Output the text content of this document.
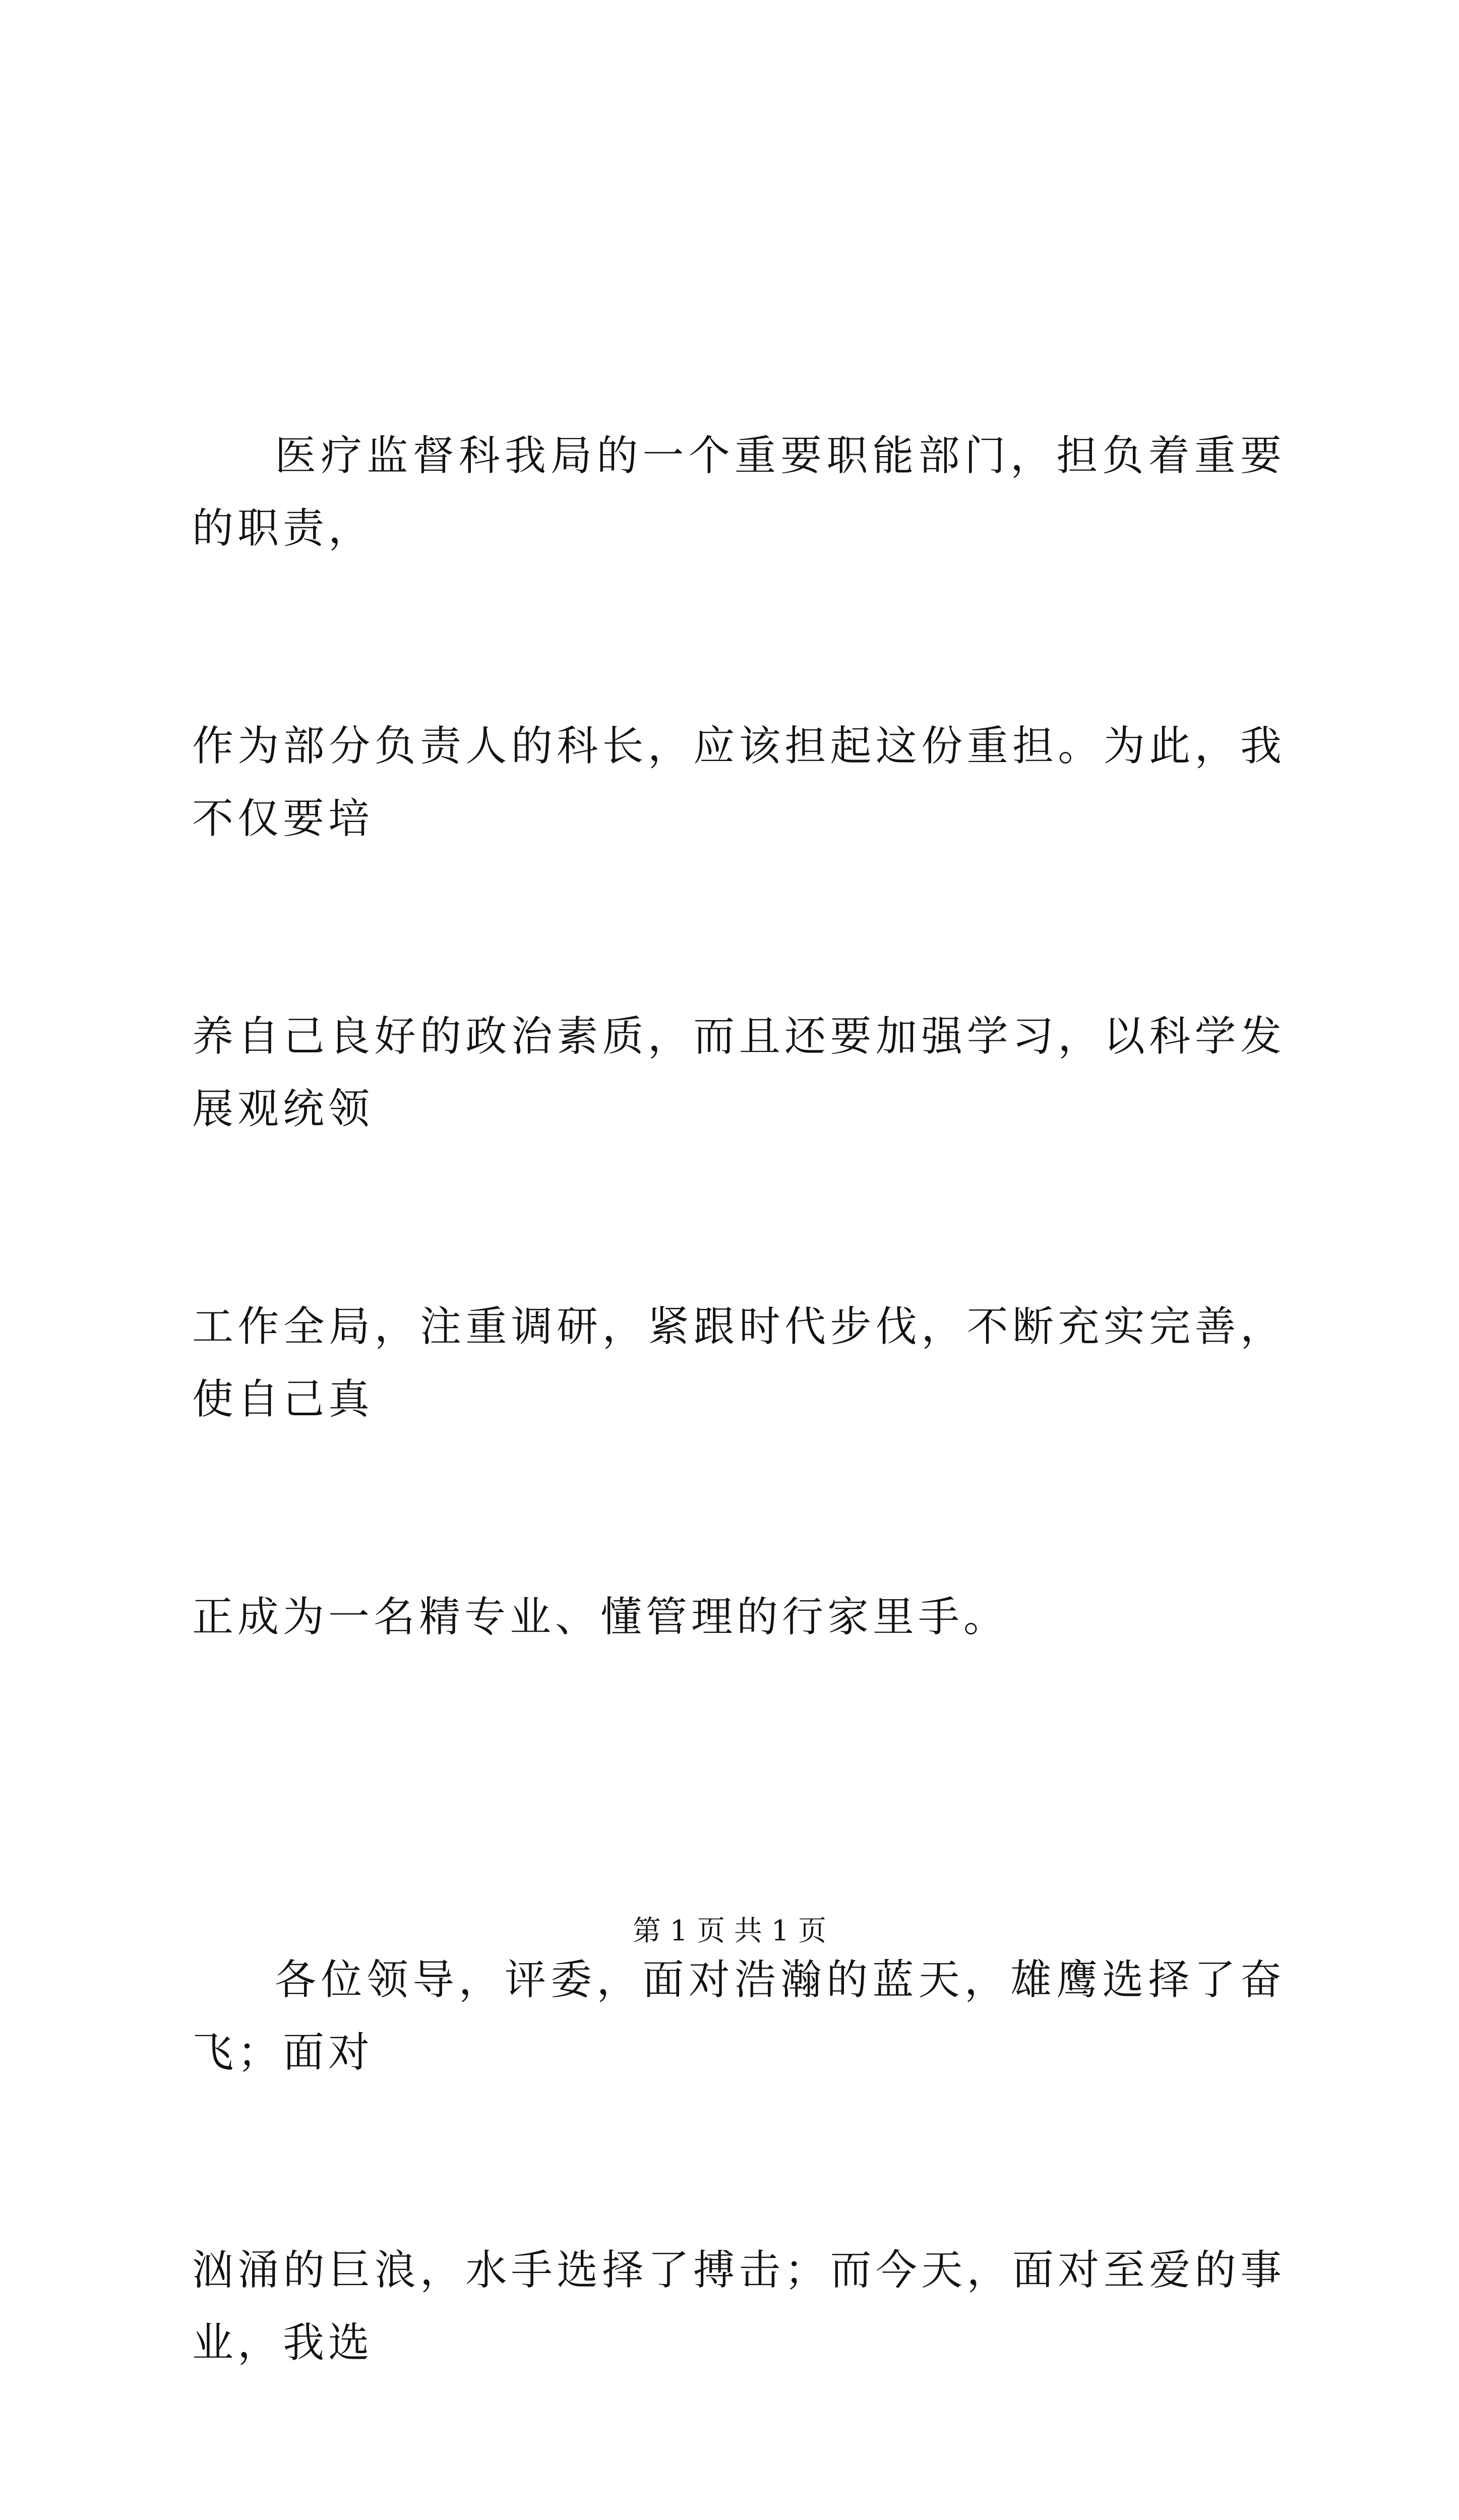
医疗监督科我局的一个重要职能部门，担负着重要的职责，

作为部分负责人的科长，应该担起这份重担。为此，我不仅要培

养自己良好的政治素质，而且还要加强学习，以科学发展观统领

工作全局，注重调研，紧跟时代步伐，不断充实完善，使自己真

正成为一名精专业、懂管理的行家里手。

各位领导，评委，面对浩瀚的蓝天，雄鹰选择了奋飞；面对

汹涌的巨浪，水手选择了搏击；而今天，面对至爱的事业，我选

第 1 页 共 1 页
